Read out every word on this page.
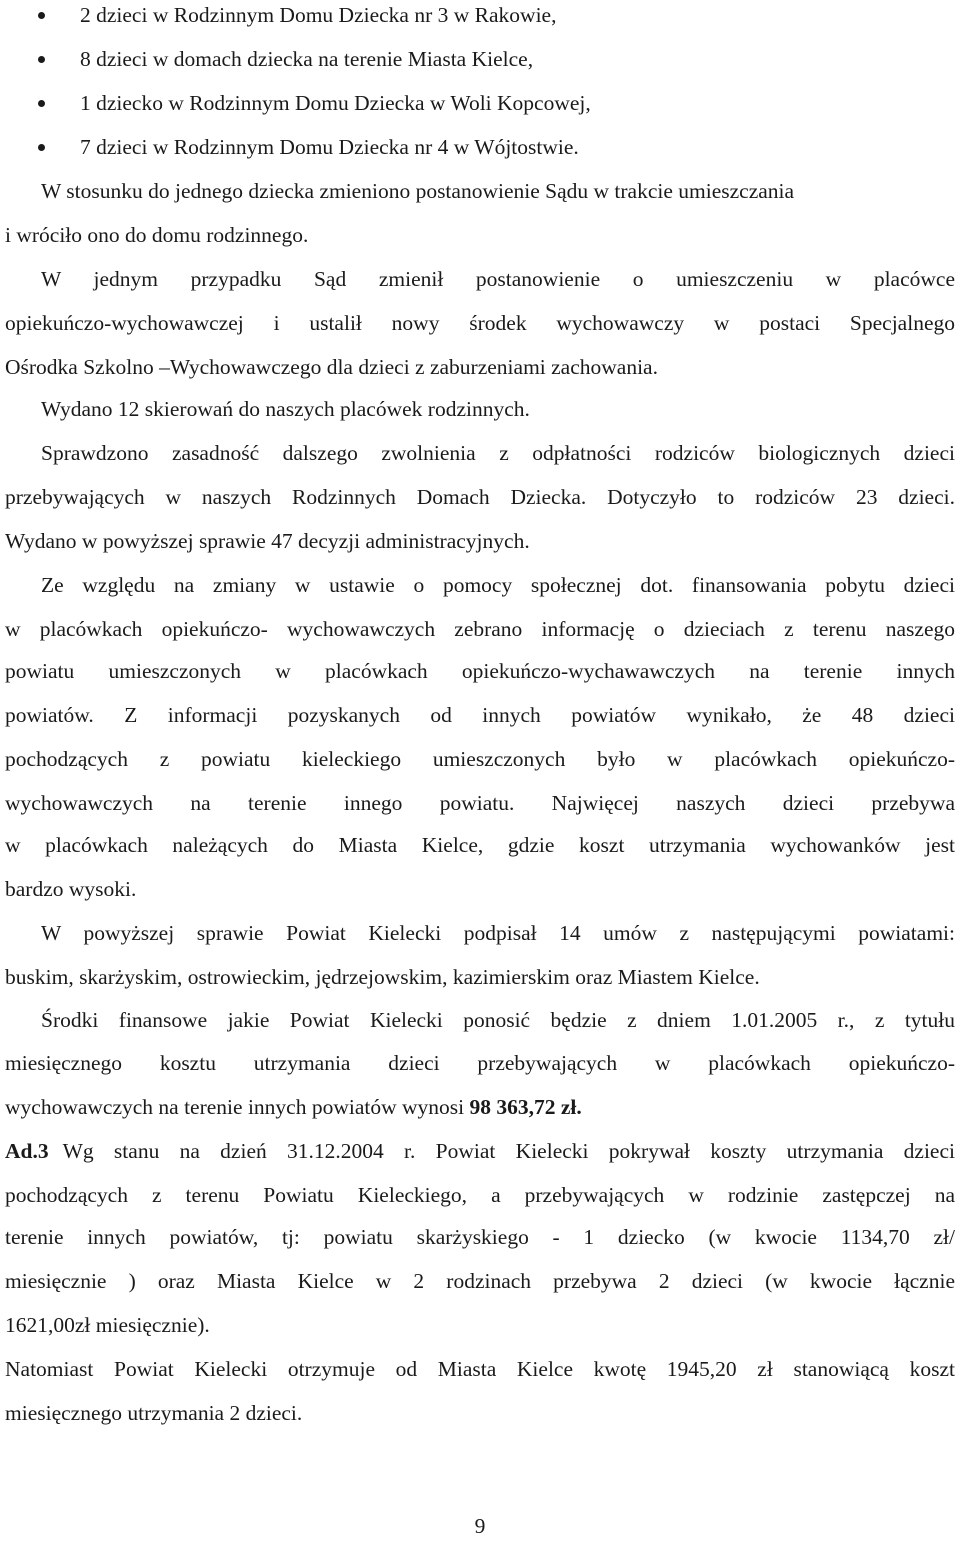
2 dzieci w Rodzinnym Domu Dziecka nr 3 w Rakowie,
8 dzieci w domach dziecka na terenie Miasta Kielce,
1 dziecko w Rodzinnym Domu Dziecka w Woli Kopcowej,
7 dzieci w Rodzinnym Domu Dziecka nr 4 w Wójtostwie.
W stosunku do jednego dziecka zmieniono postanowienie Sądu w trakcie umieszczania
i wróciło ono do domu rodzinnego.
W jednym przypadku Sąd zmienił postanowienie o umieszczeniu w placówce
opiekuńczo-wychowawczej i ustalił nowy środek wychowawczy w postaci Specjalnego
Ośrodka Szkolno –Wychowawczego dla dzieci z zaburzeniami zachowania.
Wydano 12 skierowań do naszych placówek rodzinnych.
Sprawdzono zasadność dalszego zwolnienia z odpłatności rodziców biologicznych dzieci
przebywających w naszych Rodzinnych Domach Dziecka. Dotyczyło to rodziców 23 dzieci.
Wydano w powyższej sprawie 47 decyzji administracyjnych.
Ze względu na zmiany w ustawie o pomocy społecznej dot. finansowania pobytu dzieci
w placówkach opiekuńczo- wychowawczych zebrano informację o dzieciach z terenu naszego
powiatu umieszczonych w placówkach opiekuńczo-wychawawczych na terenie innych
powiatów. Z informacji pozyskanych od innych powiatów wynikało, że 48 dzieci
pochodzących z powiatu kieleckiego umieszczonych było w placówkach opiekuńczo-
wychowawczych na terenie innego powiatu. Najwięcej naszych dzieci przebywa
w placówkach należących do Miasta Kielce, gdzie koszt utrzymania wychowanków jest
bardzo wysoki.
W powyższej sprawie Powiat Kielecki podpisał 14 umów z następującymi powiatami:
buskim, skarżyskim, ostrowieckim, jędrzejowskim, kazimierskim oraz Miastem Kielce.
Środki finansowe jakie Powiat Kielecki ponosić będzie z dniem 1.01.2005 r., z tytułu
miesięcznego kosztu utrzymania dzieci przebywających w placówkach opiekuńczo-
wychowawczych na terenie innych powiatów wynosi 98 363,72 zł.
Ad.3 Wg stanu na dzień 31.12.2004 r. Powiat Kielecki pokrywał koszty utrzymania dzieci
pochodzących z terenu Powiatu Kieleckiego, a przebywających w rodzinie zastępczej na
terenie innych powiatów, tj: powiatu skarżyskiego - 1 dziecko (w kwocie 1134,70 zł/
miesięcznie ) oraz Miasta Kielce w 2 rodzinach przebywa 2 dzieci (w kwocie łącznie
1621,00zł miesięcznie).
Natomiast Powiat Kielecki otrzymuje od Miasta Kielce kwotę 1945,20 zł stanowiącą koszt
miesięcznego utrzymania 2 dzieci.
9
